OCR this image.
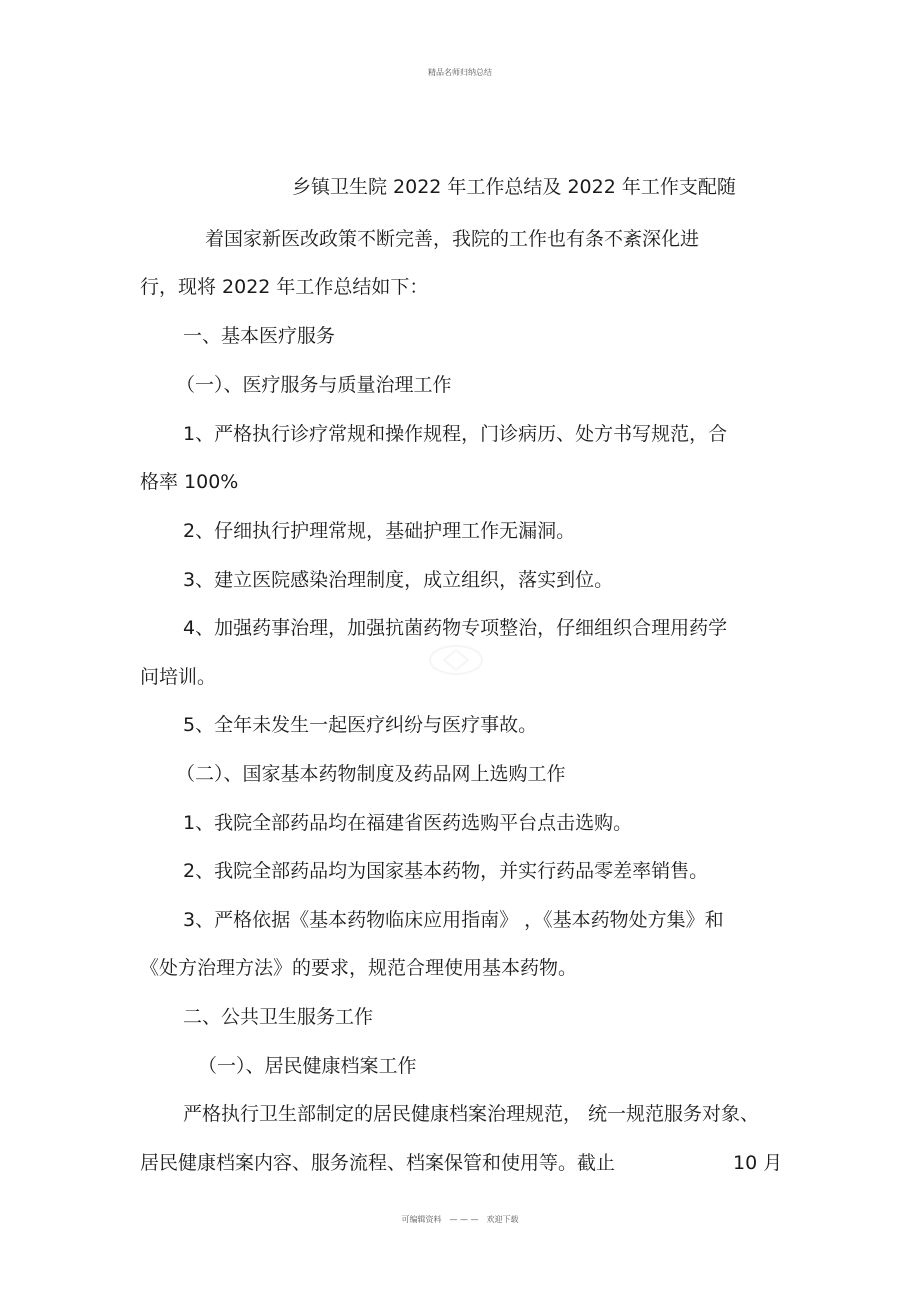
精品名师归纳总结
乡镇卫生院 2022 年工作总结及 2022 年工作支配随
着国家新医改政策不断完善，我院的工作也有条不紊深化进
行，现将 2022 年工作总结如下：
一、基本医疗服务
（一）、医疗服务与质量治理工作
1、严格执行诊疗常规和操作规程，门诊病历、处方书写规范，合
格率 100%
2、仔细执行护理常规，基础护理工作无漏洞。
3、建立医院感染治理制度，成立组织，落实到位。
4、加强药事治理，加强抗菌药物专项整治，仔细组织合理用药学
问培训。
5、全年未发生一起医疗纠纷与医疗事故。
（二）、国家基本药物制度及药品网上选购工作
1、我院全部药品均在福建省医药选购平台点击选购。
2、我院全部药品均为国家基本药物，并实行药品零差率销售。
3、严格依据《基本药物临床应用指南》 ，《基本药物处方集》和
《处方治理方法》的要求，规范合理使用基本药物。
二、公共卫生服务工作
（一）、居民健康档案工作
严格执行卫生部制定的居民健康档案治理规范， 统一规范服务对象、
居民健康档案内容、服务流程、档案保管和使用等。截止	10 月
可编辑资料　— — —　欢迎下载
